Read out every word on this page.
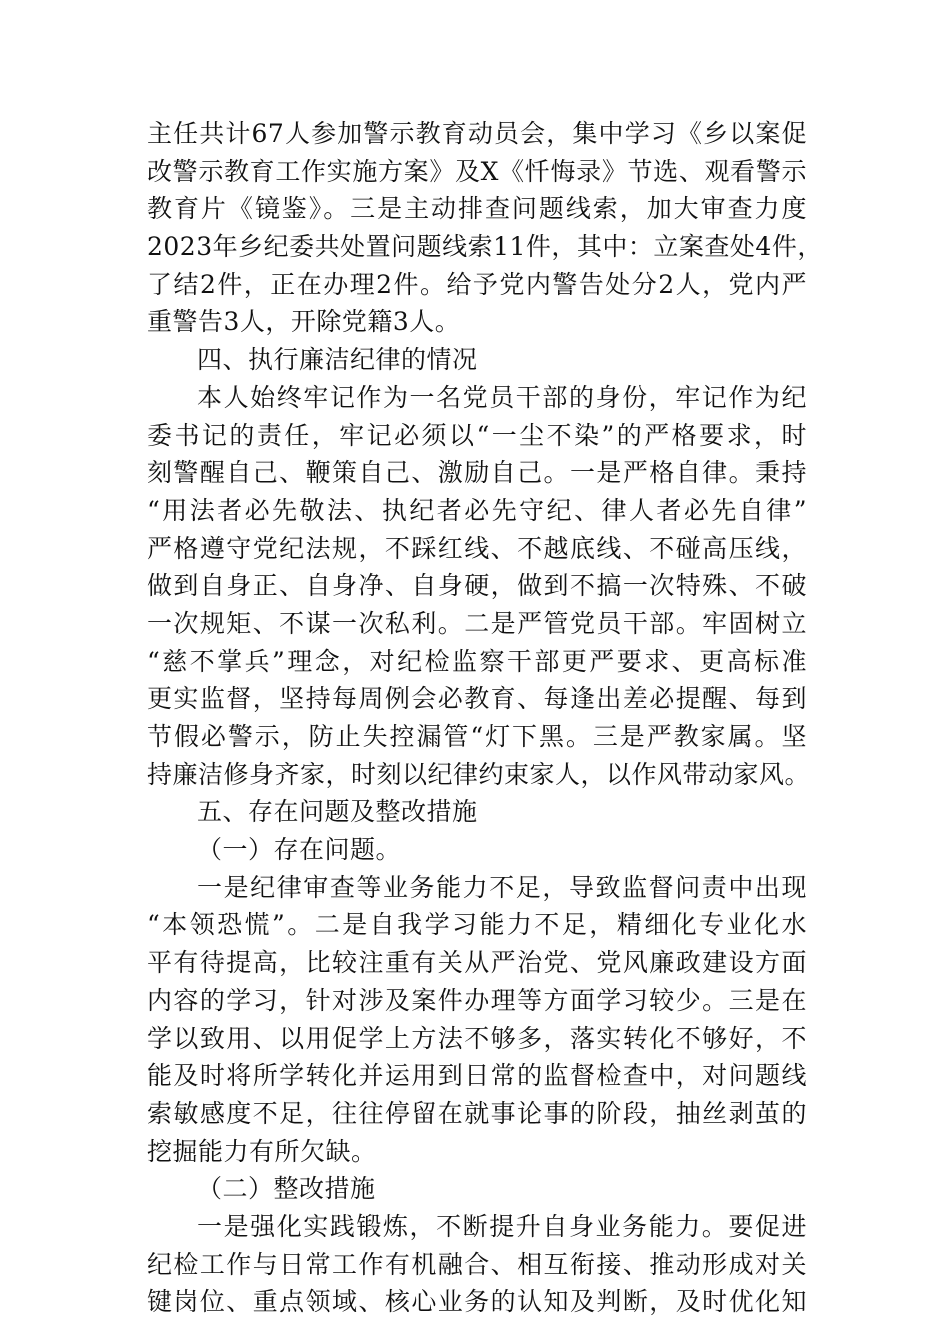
主任共计67人参加警示教育动员会，集中学习《乡以案促
改警示教育工作实施方案》及X《忏悔录》节选、观看警示
教育片《镜鉴》。三是主动排查问题线索，加大审查力度
2023年乡纪委共处置问题线索11件，其中：立案查处4件，
了结2件，正在办理2件。给予党内警告处分2人，党内严
重警告3人，开除党籍3人。
四、执行廉洁纪律的情况
本人始终牢记作为一名党员干部的身份，牢记作为纪
委书记的责任，牢记必须以“一尘不染”的严格要求，时
刻警醒自己、鞭策自己、激励自己。一是严格自律。秉持
“用法者必先敬法、执纪者必先守纪、律人者必先自律”
严格遵守党纪法规，不踩红线、不越底线、不碰高压线，
做到自身正、自身净、自身硬，做到不搞一次特殊、不破
一次规矩、不谋一次私利。二是严管党员干部。牢固树立
“慈不掌兵”理念，对纪检监察干部更严要求、更高标准
更实监督，坚持每周例会必教育、每逢出差必提醒、每到
节假必警示，防止失控漏管“灯下黑。三是严教家属。坚
持廉洁修身齐家，时刻以纪律约束家人，以作风带动家风。
五、存在问题及整改措施
（一）存在问题。
一是纪律审查等业务能力不足，导致监督问责中出现
“本领恐慌”。二是自我学习能力不足，精细化专业化水
平有待提高，比较注重有关从严治党、党风廉政建设方面
内容的学习，针对涉及案件办理等方面学习较少。三是在
学以致用、以用促学上方法不够多，落实转化不够好，不
能及时将所学转化并运用到日常的监督检查中，对问题线
索敏感度不足，往往停留在就事论事的阶段，抽丝剥茧的
挖掘能力有所欠缺。
（二）整改措施
一是强化实践锻炼，不断提升自身业务能力。要促进
纪检工作与日常工作有机融合、相互衔接、推动形成对关
键岗位、重点领域、核心业务的认知及判断，及时优化知
